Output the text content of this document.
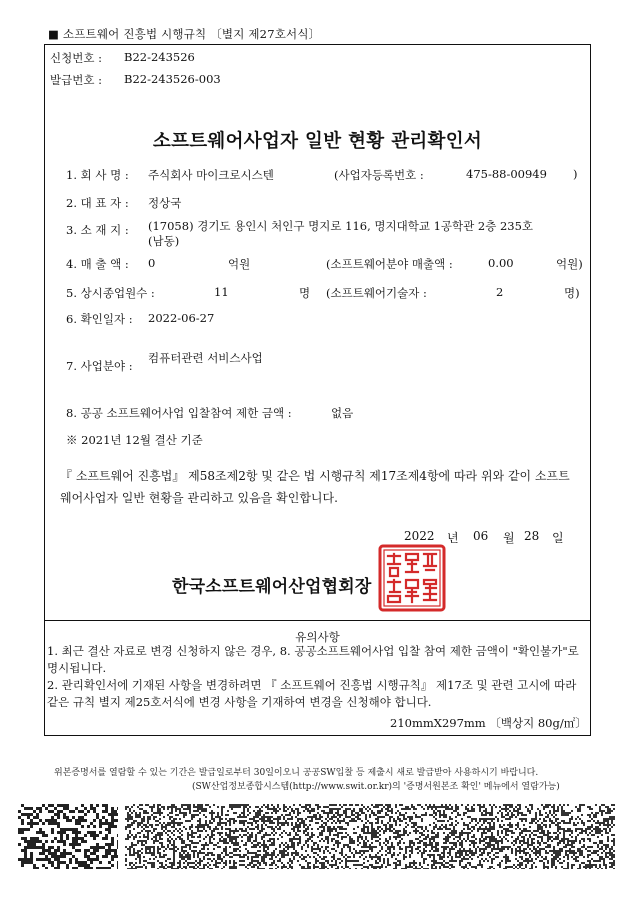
■ 소프트웨어 진흥법 시행규칙 〔별지 제27호서식〕
신청번호 : B22-243526
발급번호 : B22-243526-003
소프트웨어사업자 일반 현황 관리확인서
1. 회 사 명 : 주식회사 마이크로시스텐	(사업자등록번호 :	475-88-00949 )
2. 대 표 자 : 정상국
3. 소 재 지 : (17058) 경기도 용인시 처인구 명지로 116, 명지대학교 1공학관 2층 235호
(남동)
4. 매 출 액 : 0	억원	(소프트웨어분야 매출액 :	0.00	억원)
5. 상시종업원수 :	11	명 (소프트웨어기술자 :	2	명)
6. 확인일자 : 2022-06-27
7. 사업분야 :
컴퓨터관련 서비스사업
8. 공공 소프트웨어사업 입찰참여 제한 금액 :	없음
※ 2021년 12월 결산 기준
『 소프트웨어 진흥법』 제58조제2항 및 같은 법 시행규칙 제17조제4항에 따라 위와 같이 소프트웨어사업자 일반 현황을 관리하고 있음을 확인합니다.
2022 년 06 월 28 일
한국소프트웨어산업협회장
유의사항
1. 최근 결산 자료로 변경 신청하지 않은 경우, 8. 공공소프트웨어사업 입찰 참여 제한 금액이 "확인불가"로 명시됩니다.
2. 관리확인서에 기재된 사항을 변경하려면 『 소프트웨어 진흥법 시행규칙』 제17조 및 관련 고시에 따라 같은 규칙 별지 제25호서식에 변경 사항을 기재하여 변경을 신청해야 합니다.
210mmX297mm 〔백상지 80g/㎡〕
위본증명서를 열람할 수 있는 기간은 발급일로부터 30일이오니 공공SW입찰 등 제출시 새로 발급받아 사용하시기 바랍니다.
(SW산업정보종합시스템(http://www.swit.or.kr)의 '증명서원본조 확인' 메뉴에서 열람가능)
